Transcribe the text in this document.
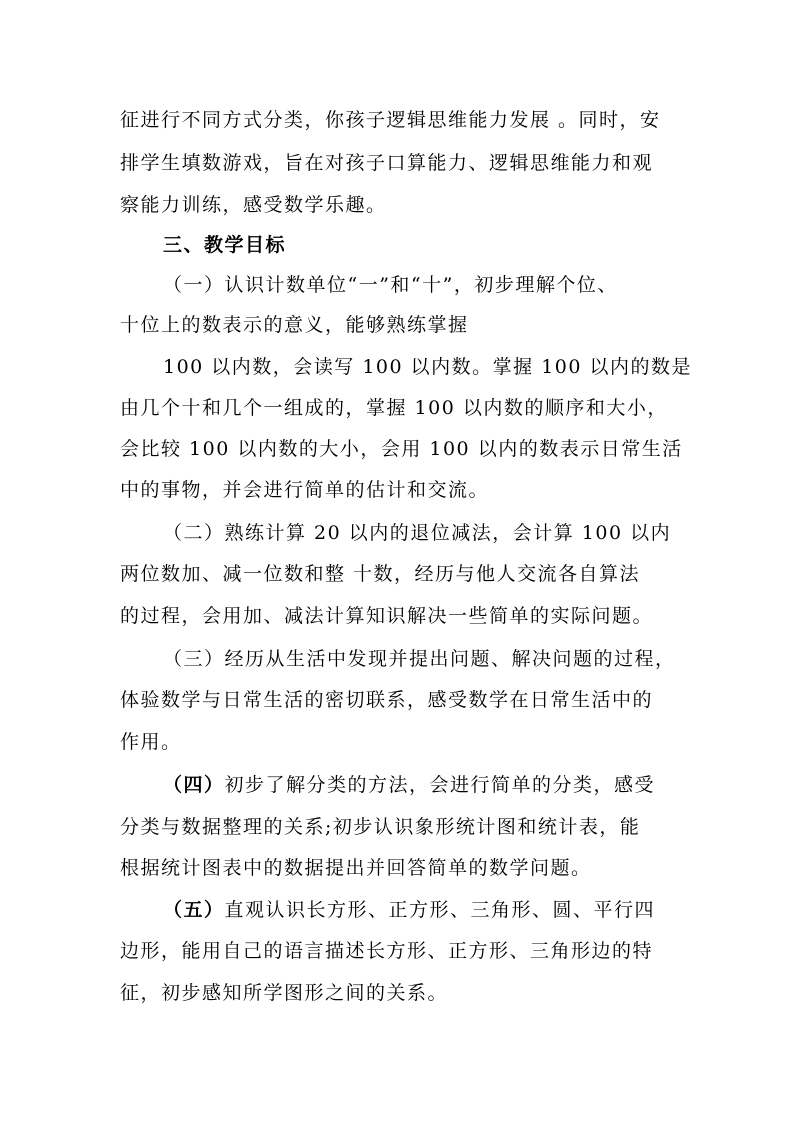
征进行不同方式分类，你孩子逻辑思维能力发展 。同时，安
排学生填数游戏，旨在对孩子口算能力、逻辑思维能力和观
察能力训练，感受数学乐趣。
三、教学目标
（一）认识计数单位“一”和“十”，初步理解个位、
十位上的数表示的意义，能够熟练掌握
100 以内数，会读写 100 以内数。掌握 100 以内的数是
由几个十和几个一组成的，掌握 100 以内数的顺序和大小，
会比较 100 以内数的大小，会用 100 以内的数表示日常生活
中的事物，并会进行简单的估计和交流。
（二）熟练计算 20 以内的退位减法，会计算 100 以内
两位数加、减一位数和整 十数，经历与他人交流各自算法
的过程，会用加、减法计算知识解决一些简单的实际问题。
（三）经历从生活中发现并提出问题、解决问题的过程，
体验数学与日常生活的密切联系，感受数学在日常生活中的
作用。
（四）初步了解分类的方法，会进行简单的分类，感受
分类与数据整理的关系;初步认识象形统计图和统计表，能
根据统计图表中的数据提出并回答简单的数学问题。
（五）直观认识长方形、正方形、三角形、圆、平行四
边形，能用自己的语言描述长方形、正方形、三角形边的特
征，初步感知所学图形之间的关系。
